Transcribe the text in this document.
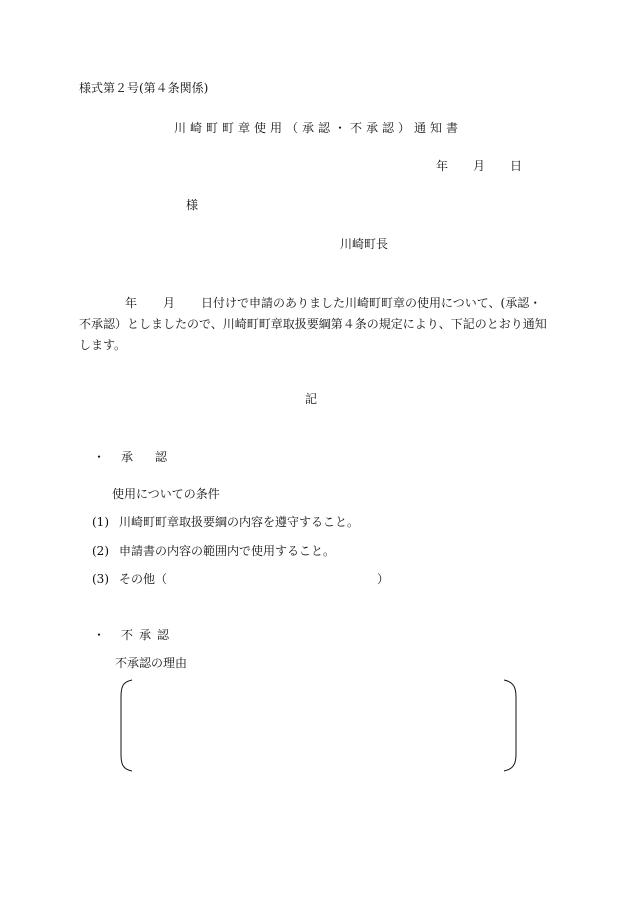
様式第２号(第４条関係)
川崎町町章使用（承認・不承認）通知書
年 月 日
様
川崎町長
年 月 日付けで申請のありました川崎町町章の使用について、(承認・不承認）としましたので、川崎町町章取扱要綱第４条の規定により、下記のとおり通知します。
記
・ 承認
使用についての条件
(1) 川崎町町章取扱要綱の内容を遵守すること。
(2) 申請書の内容の範囲内で使用すること。
(3) その他（	）
・ 不承認
不承認の理由
